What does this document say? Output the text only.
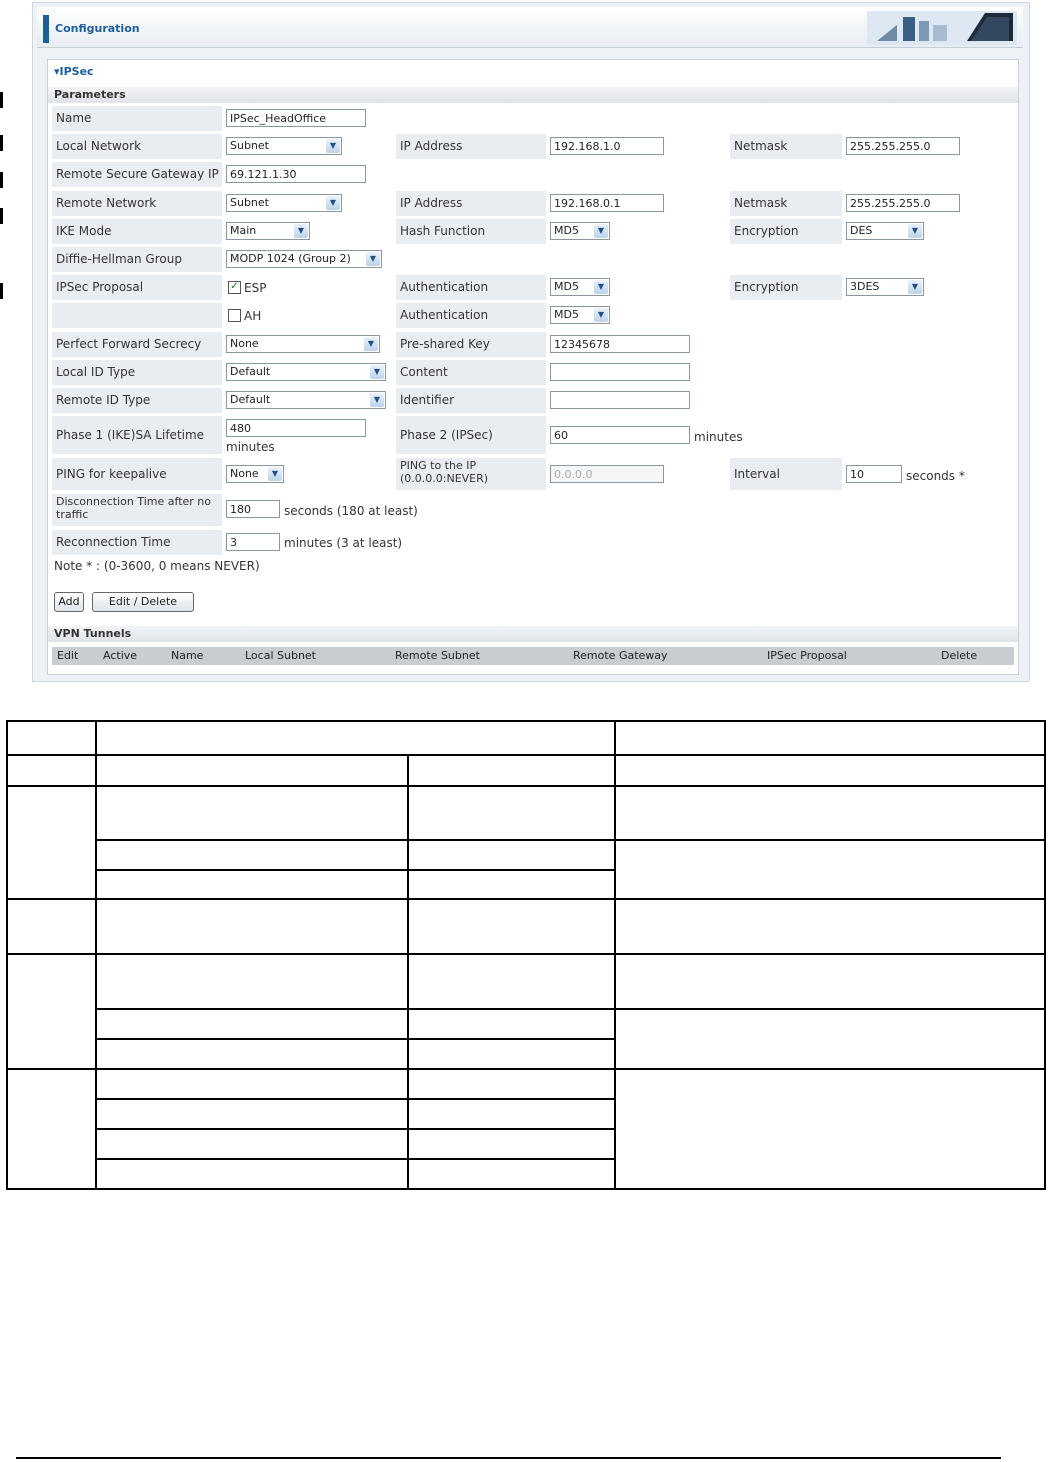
Configuration
▾IPSec
Parameters
Name	IPSec_HeadOffice
Local Network	Subnet	▼	IP Address	192.168.1.0	Netmask	255.255.255.0
Remote Secure Gateway IP	69.121.1.30
Remote Network	Subnet	▼	IP Address	192.168.0.1	Netmask	255.255.255.0
IKE Mode	Main	▼	Hash Function	MD5	▼	Encryption	DES	▼
Diffie-Hellman Group	MODP 1024 (Group 2)	▼
IPSec Proposal	✓ ESP	Authentication	MD5	▼	Encryption	3DES	▼
AH	Authentication	MD5	▼
Perfect Forward Secrecy	None	▼	Pre-shared Key	12345678
Local ID Type	Default	▼	Content
Remote ID Type	Default	▼	Identifier
Phase 1 (IKE)SA Lifetime	480
minutes
Phase 2 (IPSec)	60	minutes
PING for keepalive	None	▼
PING to the IP (0.0.0.0:NEVER)	0.0.0.0	Interval	10	seconds *
Disconnection Time after no traffic	180	seconds (180 at least)
Reconnection Time	3	minutes (3 at least)
Note * : (0-3600, 0 means NEVER)
Add	Edit / Delete
VPN Tunnels
Edit Active	Name	Local Subnet	Remote Subnet	Remote Gateway	IPSec Proposal	Delete
